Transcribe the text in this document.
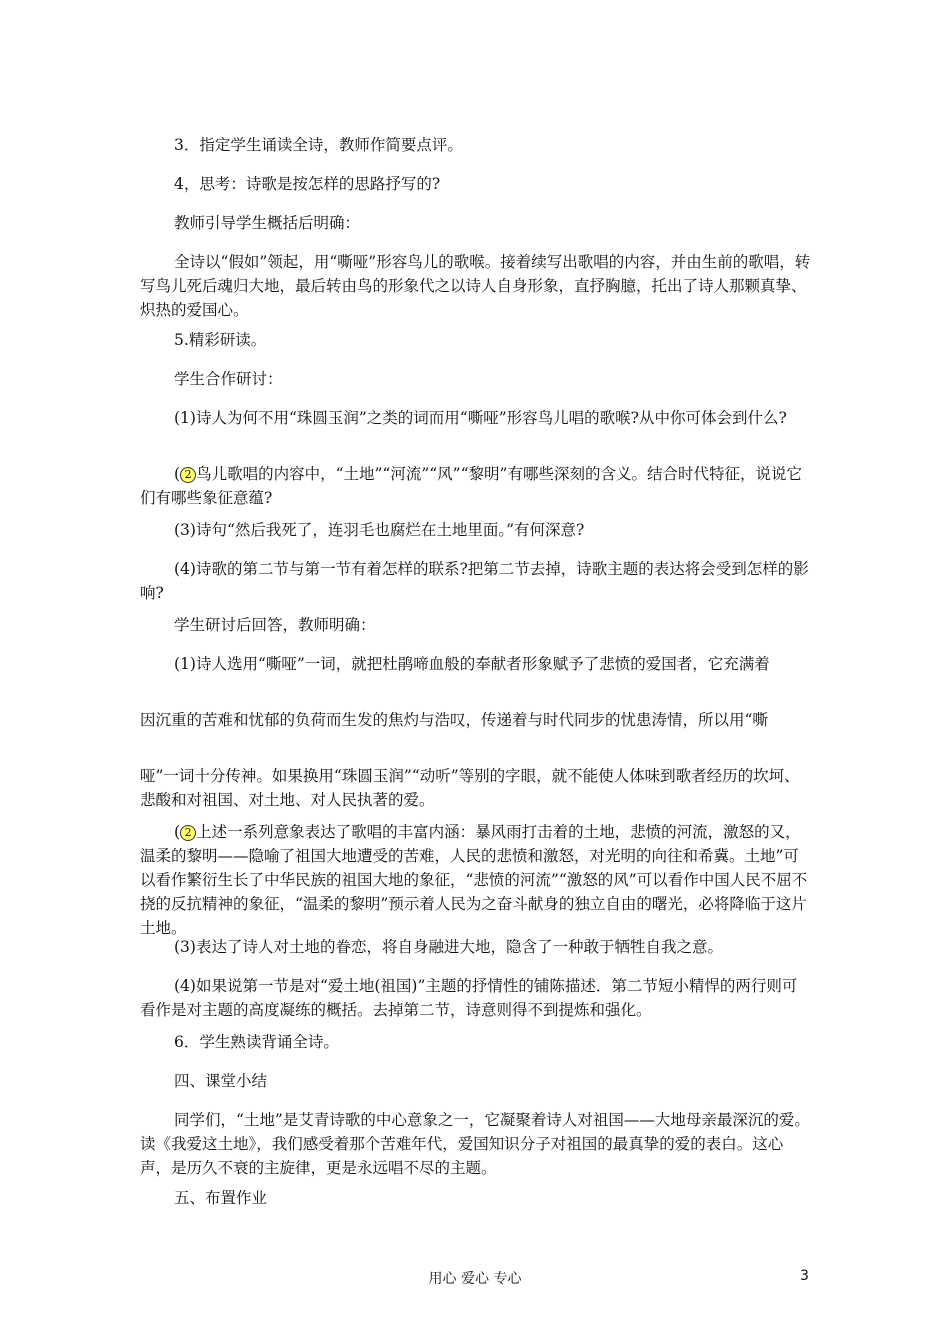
3．指定学生诵读全诗，教师作简要点评。

4，思考：诗歌是按怎样的思路抒写的?

教师引导学生概括后明确：

全诗以“假如”领起，用“嘶哑”形容鸟儿的歌喉。接着续写出歌唱的内容，并由生前的歌唱，转写鸟儿死后魂归大地，最后转由鸟的形象代之以诗人自身形象，直抒胸臆，托出了诗人那颗真挚、炽热的爱国心。

5.精彩研读。

学生合作研讨：

(1)诗人为何不用“珠圆玉润”之类的词而用“嘶哑”形容鸟儿唱的歌喉?从中你可体会到什么?

( 2 鸟儿歌唱的内容中，“土地”“河流”“风”“黎明”有哪些深刻的含义。结合时代特征，说说它们有哪些象征意蕴?

(3)诗句“然后我死了，连羽毛也腐烂在土地里面。”有何深意?

(4)诗歌的第二节与第一节有着怎样的联系?把第二节去掉，诗歌主题的表达将会受到怎样的影响?

学生研讨后回答，教师明确：

(1)诗人选用“嘶哑”一词，就把杜鹃啼血般的奉献者形象赋予了悲愤的爱国者，它充满着

因沉重的苦难和忧郁的负荷而生发的焦灼与浩叹，传递着与时代同步的忧患涛情，所以用“嘶

哑”一词十分传神。如果换用“珠圆玉润”“动听”等别的字眼，就不能使人体味到歌者经历的坎坷、悲酸和对祖国、对土地、对人民执著的爱。

( 2 上述一系列意象表达了歌唱的丰富内涵：暴风雨打击着的土地，悲愤的河流，激怒的又，温柔的黎明——隐喻了祖国大地遭受的苦难，人民的悲愤和激怒，对光明的向往和希冀。土地”可以看作繁衍生长了中华民族的祖国大地的象征，“悲愤的河流”“激怒的风”可以看作中国人民不屈不挠的反抗精神的象征，“温柔的黎明”预示着人民为之奋斗献身的独立自由的曙光，必将降临于这片土地。

(3)表达了诗人对土地的眷恋，将自身融进大地，隐含了一种敢于牺牲自我之意。

(4)如果说第一节是对“爱土地(祖国)”主题的抒情性的铺陈描述．第二节短小精悍的两行则可看作是对主题的高度凝练的概括。去掉第二节，诗意则得不到提炼和强化。

6．学生熟读背诵全诗。

四、课堂小结

同学们，“土地”是艾青诗歌的中心意象之一，它凝聚着诗人对祖国——大地母亲最深沉的爱。读《我爱这土地》，我们感受着那个苦难年代，爱国知识分子对祖国的最真挚的爱的表白。这心声，是历久不衰的主旋律，更是永远唱不尽的主题。

五、布置作业

用心 爱心 专心	3
